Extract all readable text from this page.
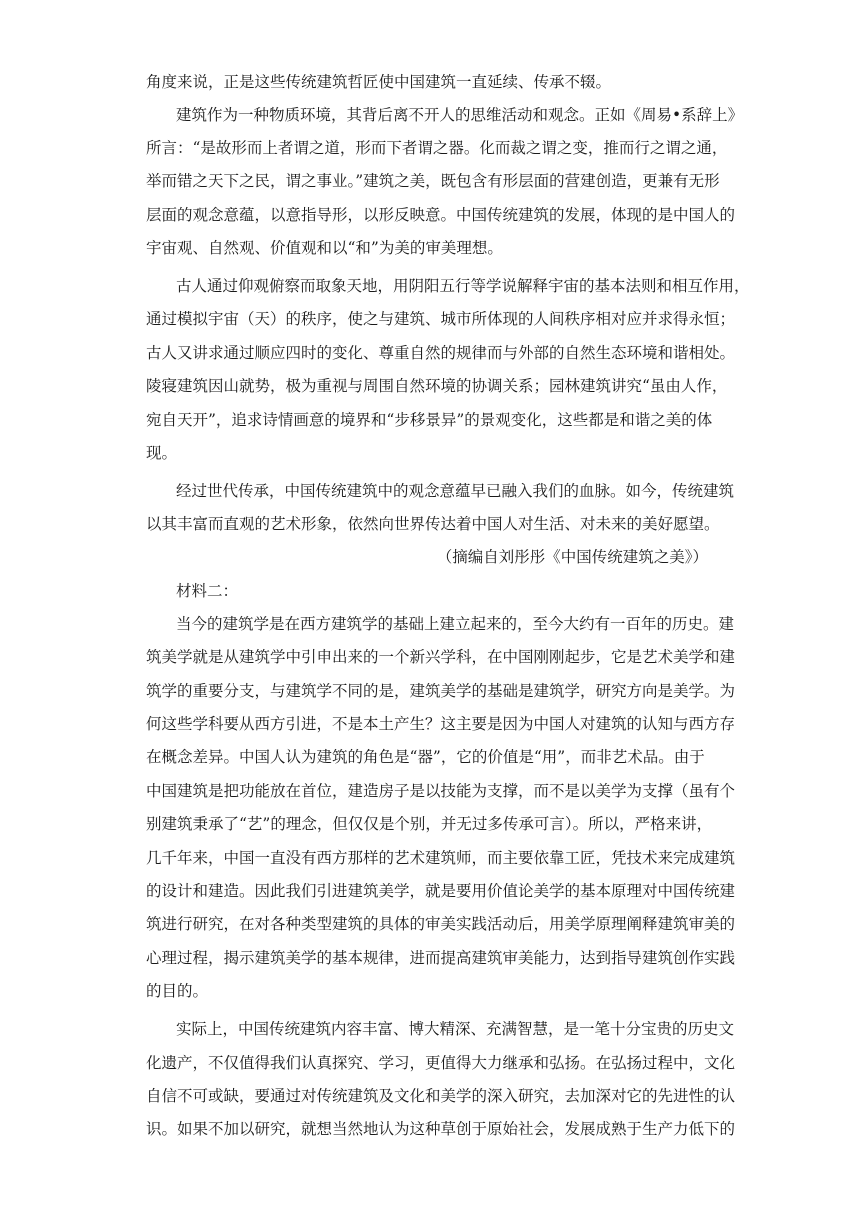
角度来说，正是这些传统建筑哲匠使中国建筑一直延续、传承不辍。
建筑作为一种物质环境，其背后离不开人的思维活动和观念。正如《周易•系辞上》
所言：“是故形而上者谓之道，形而下者谓之器。化而裁之谓之变，推而行之谓之通，
举而错之天下之民，谓之事业。”建筑之美，既包含有形层面的营建创造，更兼有无形
层面的观念意蕴，以意指导形，以形反映意。中国传统建筑的发展，体现的是中国人的
宇宙观、自然观、价值观和以“和”为美的审美理想。
古人通过仰观俯察而取象天地，用阴阳五行等学说解释宇宙的基本法则和相互作用，
通过模拟宇宙（天）的秩序，使之与建筑、城市所体现的人间秩序相对应并求得永恒；
古人又讲求通过顺应四时的变化、尊重自然的规律而与外部的自然生态环境和谐相处。
陵寝建筑因山就势，极为重视与周围自然环境的协调关系；园林建筑讲究“虽由人作，
宛自天开”，追求诗情画意的境界和“步移景异”的景观变化，这些都是和谐之美的体
现。
经过世代传承，中国传统建筑中的观念意蕴早已融入我们的血脉。如今，传统建筑
以其丰富而直观的艺术形象，依然向世界传达着中国人对生活、对未来的美好愿望。
（摘编自刘彤彤《中国传统建筑之美》）
材料二：
当今的建筑学是在西方建筑学的基础上建立起来的，至今大约有一百年的历史。建
筑美学就是从建筑学中引申出来的一个新兴学科，在中国刚刚起步，它是艺术美学和建
筑学的重要分支，与建筑学不同的是，建筑美学的基础是建筑学，研究方向是美学。为
何这些学科要从西方引进，不是本土产生？这主要是因为中国人对建筑的认知与西方存
在概念差异。中国人认为建筑的角色是“器”，它的价值是“用”，而非艺术品。由于
中国建筑是把功能放在首位，建造房子是以技能为支撑，而不是以美学为支撑（虽有个
别建筑秉承了“艺”的理念，但仅仅是个别，并无过多传承可言）。所以，严格来讲，
几千年来，中国一直没有西方那样的艺术建筑师，而主要依靠工匠，凭技术来完成建筑
的设计和建造。因此我们引进建筑美学，就是要用价值论美学的基本原理对中国传统建
筑进行研究，在对各种类型建筑的具体的审美实践活动后，用美学原理阐释建筑审美的
心理过程，揭示建筑美学的基本规律，进而提高建筑审美能力，达到指导建筑创作实践
的目的。
实际上，中国传统建筑内容丰富、博大精深、充满智慧，是一笔十分宝贵的历史文
化遗产，不仅值得我们认真探究、学习，更值得大力继承和弘扬。在弘扬过程中，文化
自信不可或缺，要通过对传统建筑及文化和美学的深入研究，去加深对它的先进性的认
识。如果不加以研究，就想当然地认为这种草创于原始社会，发展成熟于生产力低下的
